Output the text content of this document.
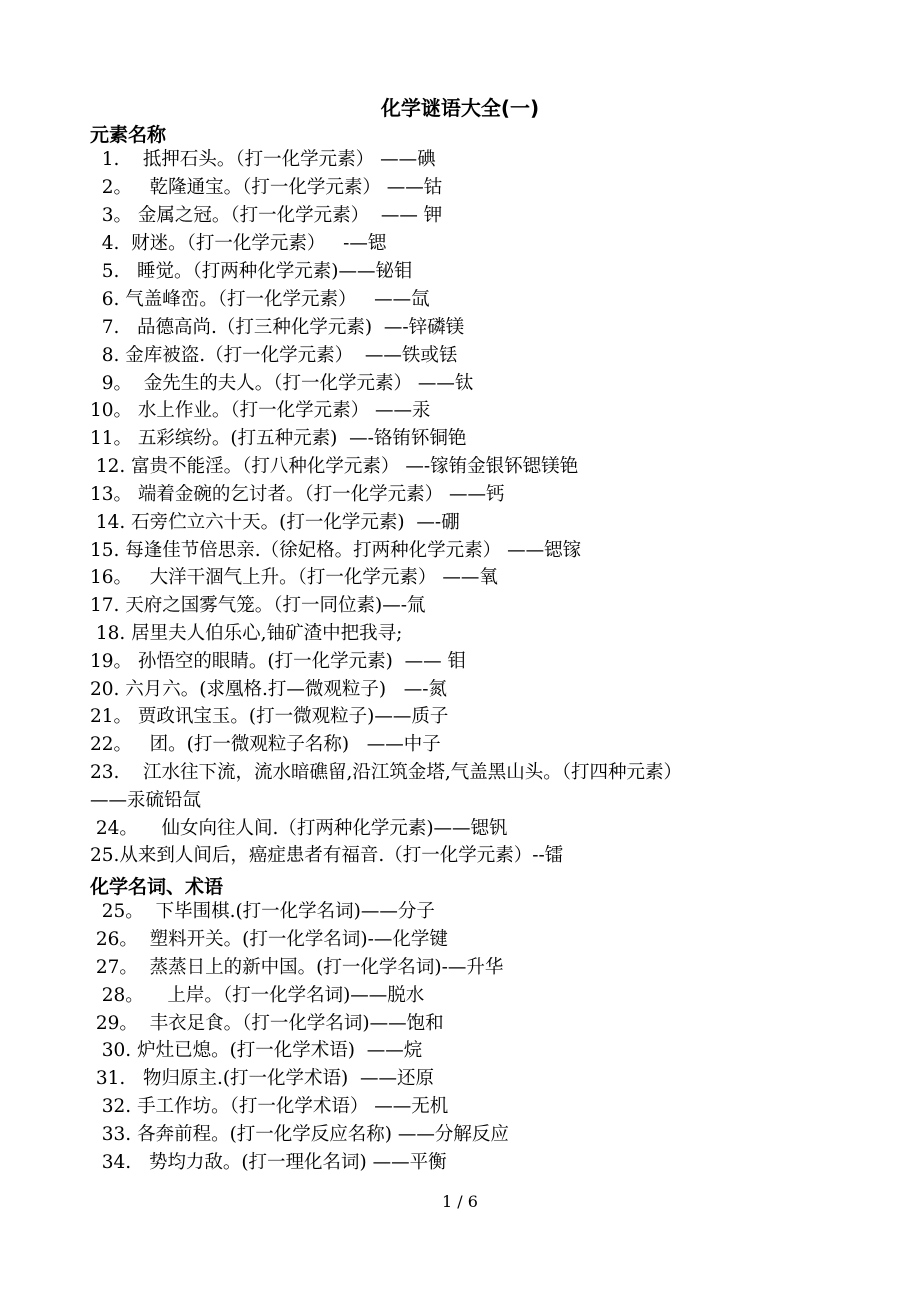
化学谜语大全(一)
元素名称
1.    抵押石头。（打一化学元素） ——碘
2。   乾隆通宝。（打一化学元素） ——钴
3。 金属之冠。（打一化学元素）  —— 钾
4.  财迷。（打一化学元素）   -—锶
5.   睡觉。（打两种化学元素)——铋钼
6. 气盖峰峦。（打一化学元素）   ——氙
7.   品德高尚.（打三种化学元素)  —-锌磷镁
8. 金库被盗.（打一化学元素）  ——铁或铥
9。  金先生的夫人。（打一化学元素） ——钛
10。 水上作业。（打一化学元素） ——汞
11。 五彩缤纷。(打五种元素)  —-铬铕钚铜铯
12. 富贵不能淫。（打八种化学元素） —-镓铕金银钚锶镁铯
13。 端着金碗的乞讨者。（打一化学元素） ——钙
14. 石旁伫立六十天。(打一化学元素)  —-硼
15. 每逢佳节倍思亲.（徐妃格。打两种化学元素） ——锶镓
16。   大洋干涸气上升。（打一化学元素） ——氧
17. 天府之国雾气笼。（打一同位素)—-氚
18. 居里夫人伯乐心,铀矿渣中把我寻;
19。 孙悟空的眼睛。(打一化学元素)  —— 钼
20. 六月六。(求凰格.打—微观粒子)   —-氮
21。 贾政讯宝玉。(打一微观粒子)——质子
22。   团。(打一微观粒子名称)   ——中子
23.    江水往下流，流水暗礁留,沿江筑金塔,气盖黑山头。（打四种元素）
——汞硫铅氙
24。    仙女向往人间.（打两种化学元素)——锶钒
25.从来到人间后，癌症患者有福音.（打一化学元素）--镭
化学名词、术语
25。  下毕围棋.(打一化学名词)——分子
26。  塑料开关。(打一化学名词)-—化学键
27。  蒸蒸日上的新中国。(打一化学名词)-—升华
28。    上岸。（打一化学名词)——脱水
29。  丰衣足食。（打一化学名词)——饱和
30. 炉灶已熄。(打一化学术语)  ——烷
31.   物归原主.(打一化学术语)  ——还原
32. 手工作坊。（打一化学术语） ——无机
33. 各奔前程。(打一化学反应名称) ——分解反应
34.   势均力敌。(打一理化名词) ——平衡
1 / 6
